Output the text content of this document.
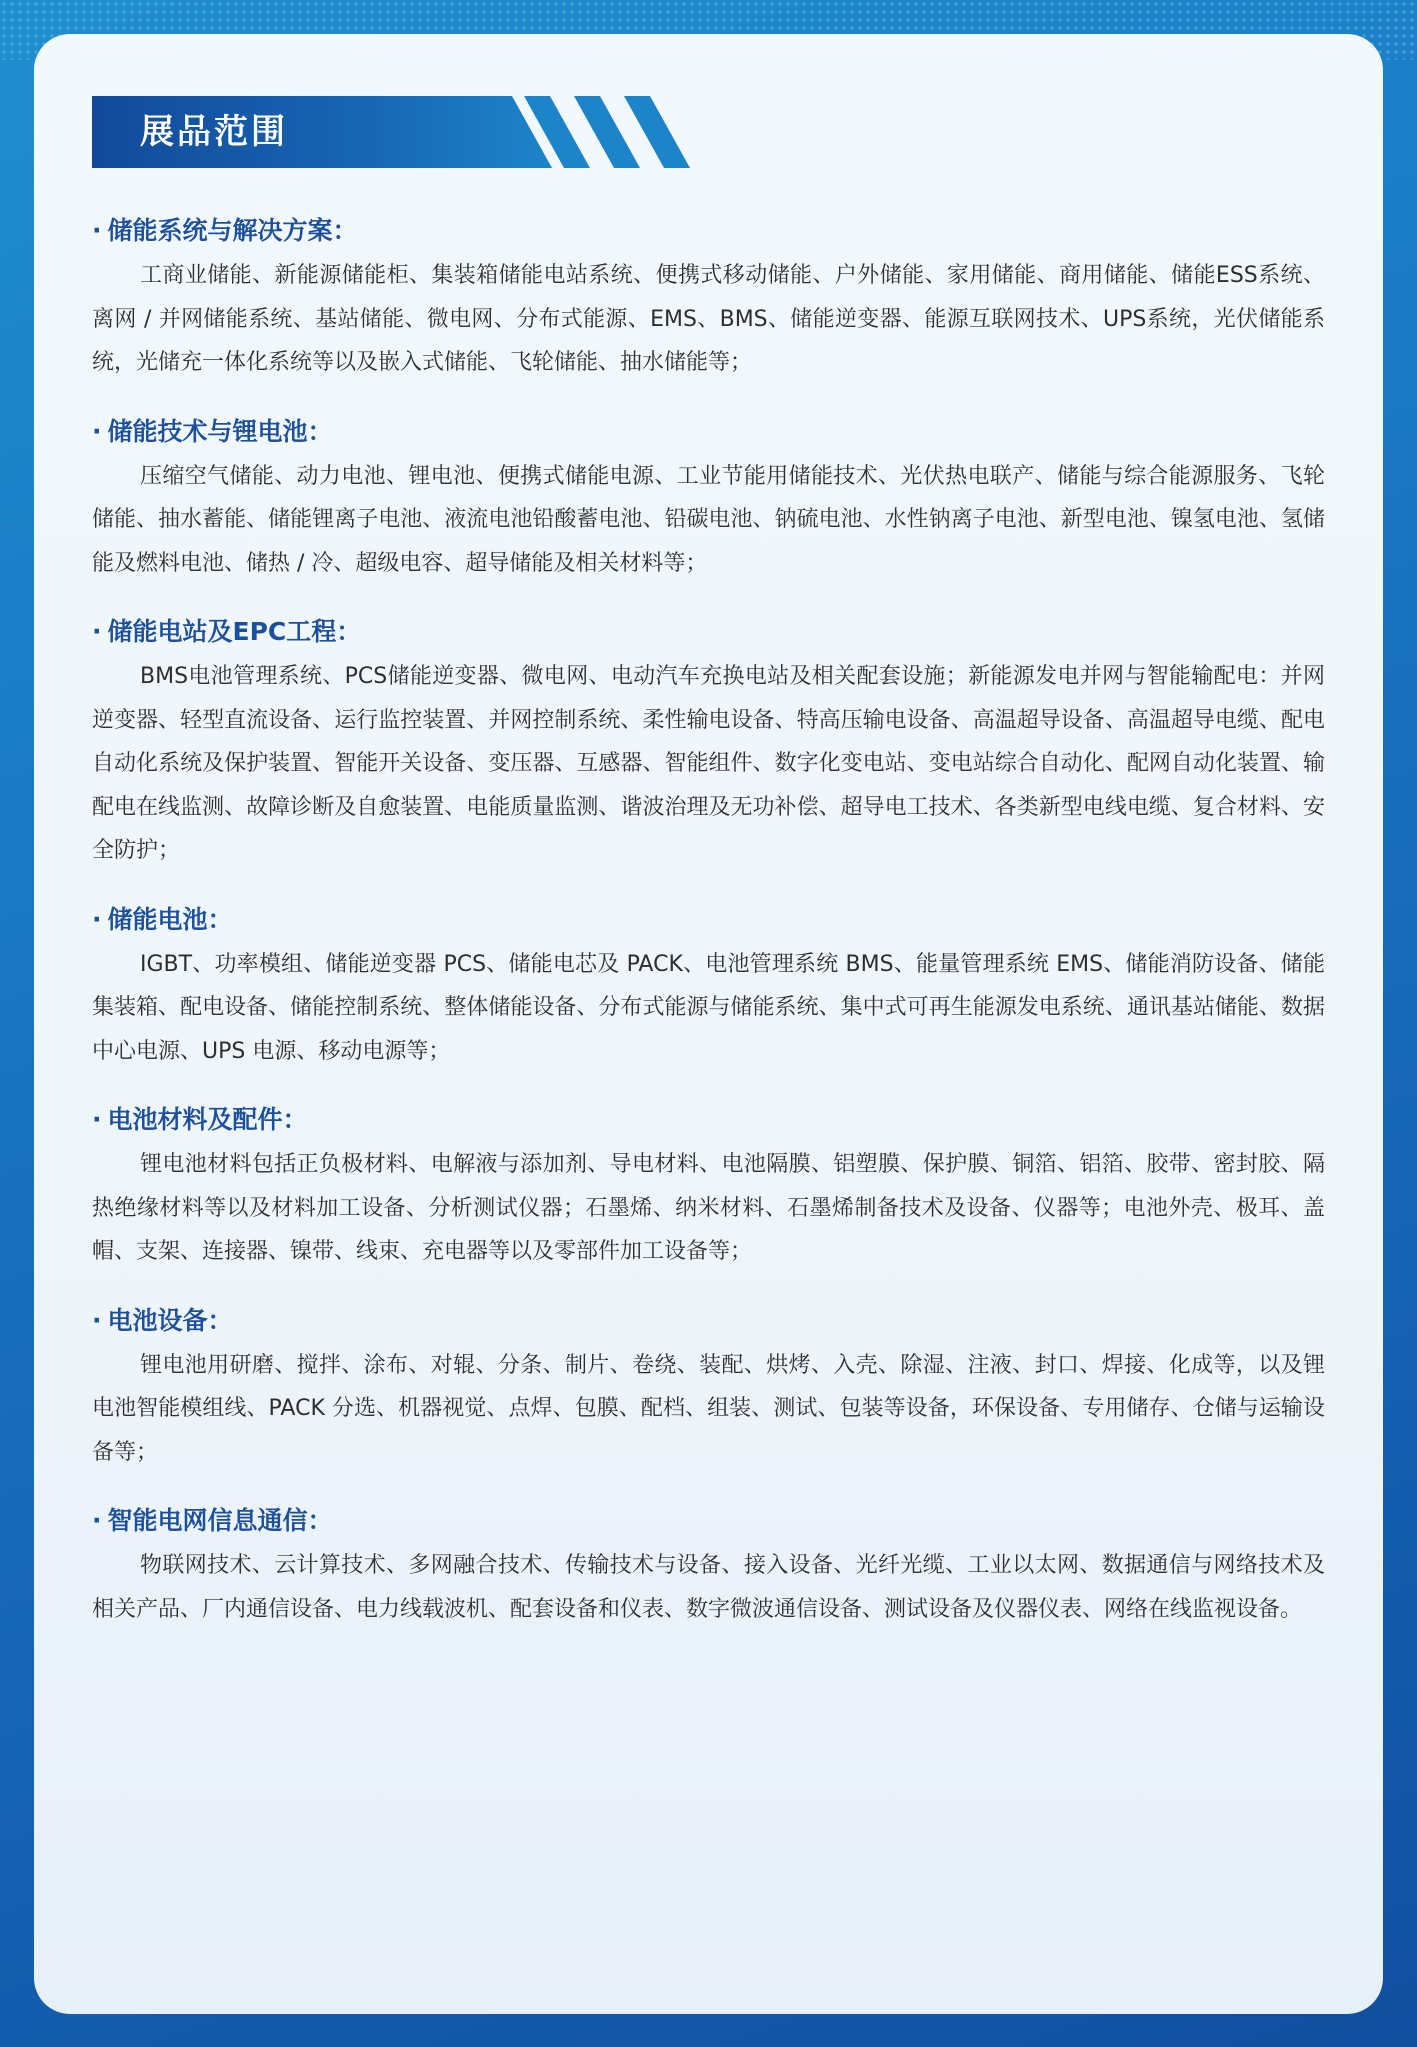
展品范围

· 储能系统与解决方案：

工商业储能、新能源储能柜、集装箱储能电站系统、便携式移动储能、户外储能、家用储能、商用储能、储能ESS系统、离网 / 并网储能系统、基站储能、微电网、分布式能源、EMS、BMS、储能逆变器、能源互联网技术、UPS系统，光伏储能系统，光储充一体化系统等以及嵌入式储能、飞轮储能、抽水储能等；

· 储能技术与锂电池：

压缩空气储能、动力电池、锂电池、便携式储能电源、工业节能用储能技术、光伏热电联产、储能与综合能源服务、飞轮储能、抽水蓄能、储能锂离子电池、液流电池铅酸蓄电池、铅碳电池、钠硫电池、水性钠离子电池、新型电池、镍氢电池、氢储能及燃料电池、储热 / 冷、超级电容、超导储能及相关材料等；

· 储能电站及EPC工程：

BMS电池管理系统、PCS储能逆变器、微电网、电动汽车充换电站及相关配套设施；新能源发电并网与智能输配电：并网逆变器、轻型直流设备、运行监控装置、并网控制系统、柔性输电设备、特高压输电设备、高温超导设备、高温超导电缆、配电自动化系统及保护装置、智能开关设备、变压器、互感器、智能组件、数字化变电站、变电站综合自动化、配网自动化装置、输配电在线监测、故障诊断及自愈装置、电能质量监测、谐波治理及无功补偿、超导电工技术、各类新型电线电缆、复合材料、安全防护；

· 储能电池：

IGBT、功率模组、储能逆变器 PCS、储能电芯及 PACK、电池管理系统 BMS、能量管理系统 EMS、储能消防设备、储能集装箱、配电设备、储能控制系统、整体储能设备、分布式能源与储能系统、集中式可再生能源发电系统、通讯基站储能、数据中心电源、UPS 电源、移动电源等；

· 电池材料及配件：

锂电池材料包括正负极材料、电解液与添加剂、导电材料、电池隔膜、铝塑膜、保护膜、铜箔、铝箔、胶带、密封胶、隔热绝缘材料等以及材料加工设备、分析测试仪器；石墨烯、纳米材料、石墨烯制备技术及设备、仪器等；电池外壳、极耳、盖帽、支架、连接器、镍带、线束、充电器等以及零部件加工设备等；

· 电池设备：

锂电池用研磨、搅拌、涂布、对辊、分条、制片、卷绕、装配、烘烤、入壳、除湿、注液、封口、焊接、化成等，以及锂电池智能模组线、PACK 分选、机器视觉、点焊、包膜、配档、组装、测试、包装等设备，环保设备、专用储存、仓储与运输设备等；

· 智能电网信息通信：

物联网技术、云计算技术、多网融合技术、传输技术与设备、接入设备、光纤光缆、工业以太网、数据通信与网络技术及相关产品、厂内通信设备、电力线载波机、配套设备和仪表、数字微波通信设备、测试设备及仪器仪表、网络在线监视设备。
